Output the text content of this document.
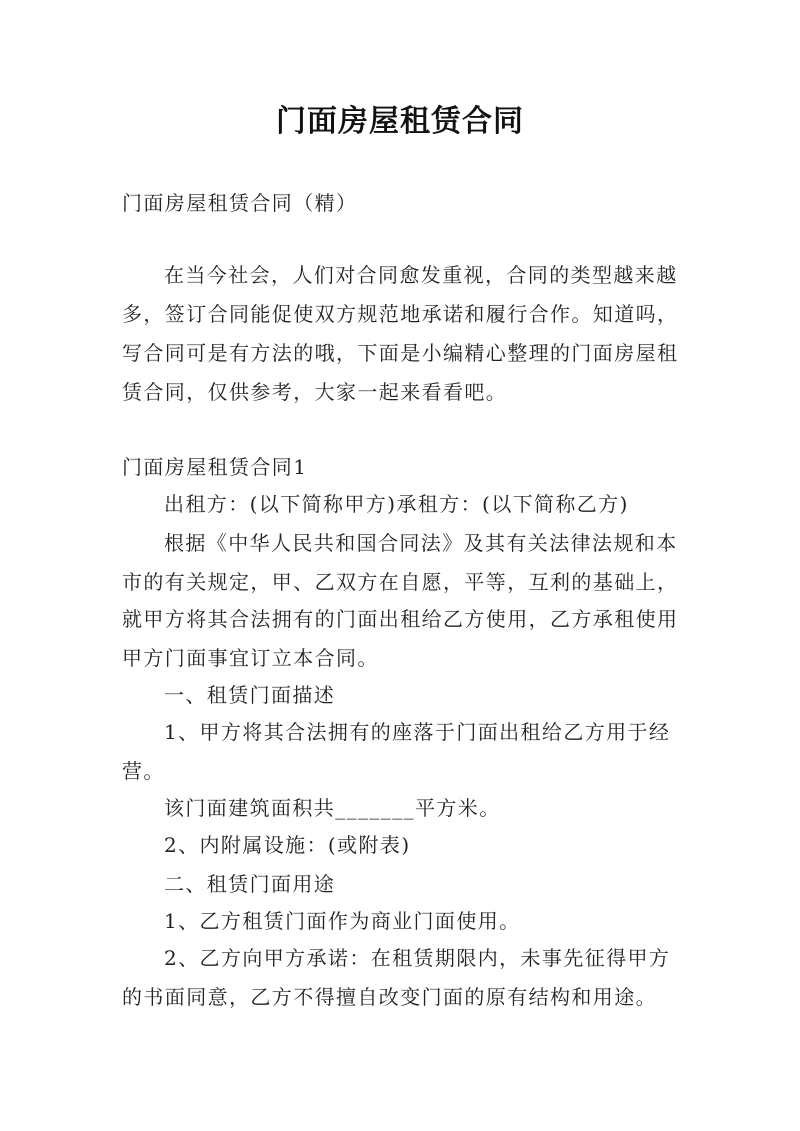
门面房屋租赁合同
门面房屋租赁合同（精）
在当今社会，人们对合同愈发重视，合同的类型越来越
多，签订合同能促使双方规范地承诺和履行合作。知道吗，
写合同可是有方法的哦，下面是小编精心整理的门面房屋租
赁合同，仅供参考，大家一起来看看吧。
门面房屋租赁合同1
出租方：(以下简称甲方)承租方：(以下简称乙方)
根据《中华人民共和国合同法》及其有关法律法规和本
市的有关规定，甲、乙双方在自愿，平等，互利的基础上，
就甲方将其合法拥有的门面出租给乙方使用，乙方承租使用
甲方门面事宜订立本合同。
一、租赁门面描述
1、甲方将其合法拥有的座落于门面出租给乙方用于经
营。
该门面建筑面积共_______平方米。
2、内附属设施：(或附表)
二、租赁门面用途
1、乙方租赁门面作为商业门面使用。
2、乙方向甲方承诺：在租赁期限内，未事先征得甲方
的书面同意，乙方不得擅自改变门面的原有结构和用途。
